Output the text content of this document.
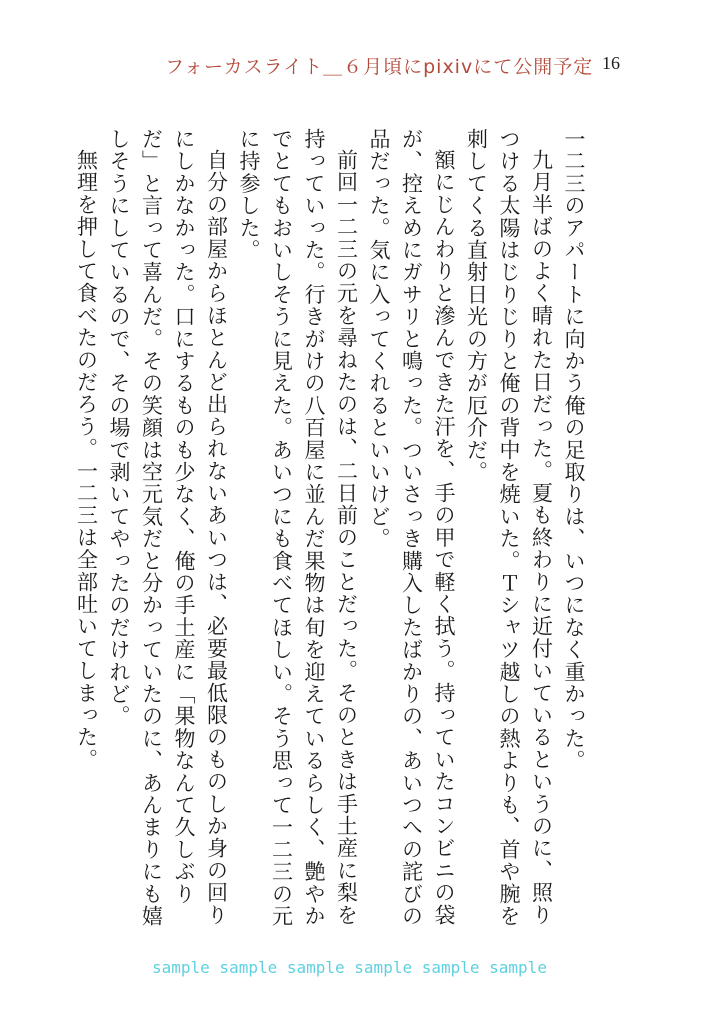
フォーカスライト＿６月頃にpixivにて公開予定 16

一二三のアパートに向かう俺の足取りは、いつになく重かった。

九月半ばのよく晴れた日だった。夏も終わりに近付いているというのに、照りつける太陽はじりじりと俺の背中を焼いた。Ｔシャツ越しの熱よりも、首や腕を刺してくる直射日光の方が厄介だ。

額にじんわりと滲んできた汗を、手の甲で軽く拭う。持っていたコンビニの袋が、控えめにガサリと鳴った。ついさっき購入したばかりの、あいつへの詫びの品だった。気に入ってくれるといいけど。

前回一二三の元を尋ねたのは、二日前のことだった。そのときは手土産に梨を持っていった。行きがけの八百屋に並んだ果物は旬を迎えているらしく、艶やかでとてもおいしそうに見えた。あいつにも食べてほしい。そう思って一二三の元に持参した。

自分の部屋からほとんど出られないあいつは、必要最低限のものしか身の回りにしかなかった。口にするものも少なく、俺の手土産に「果物なんて久しぶりだ」と言って喜んだ。その笑顔は空元気だと分かっていたのに、あんまりにも嬉しそうにしているので、その場で剥いてやったのだけれど。

無理を押して食べたのだろう。一二三は全部吐いてしまった。

sample sample sample sample sample sample
